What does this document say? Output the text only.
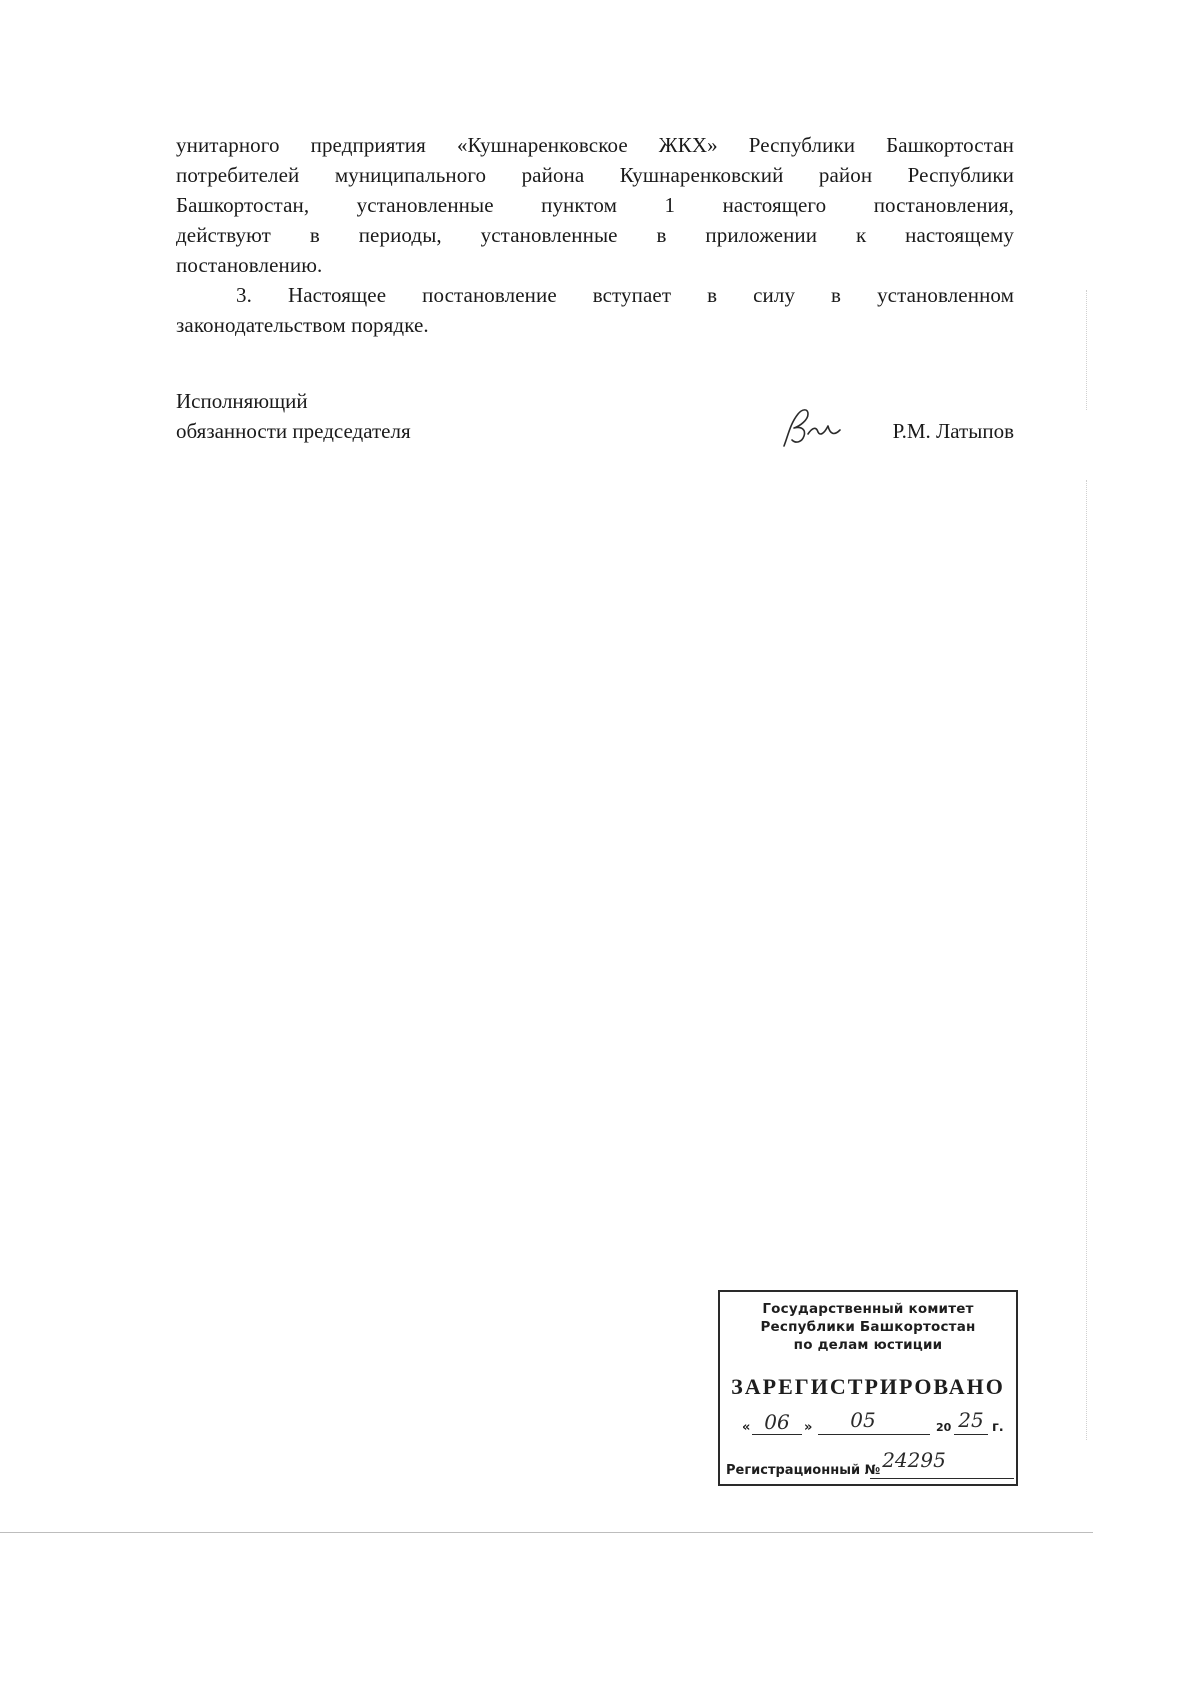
унитарного предприятия «Кушнаренковское ЖКХ» Республики Башкортостан
потребителей муниципального района Кушнаренковский район Республики
Башкортостан, установленные пунктом 1 настоящего постановления,
действуют в периоды, установленные в приложении к настоящему
постановлению.
3. Настоящее постановление вступает в силу в установленном
законодательством порядке.
Исполняющий
обязанности председателя	Р.М. Латыпов
Государственный комитет
Республики Башкортостан
по делам юстиции
ЗАРЕГИСТРИРОВАНО
« 06	»	05	20 25 г.
Регистрационный № 24295
